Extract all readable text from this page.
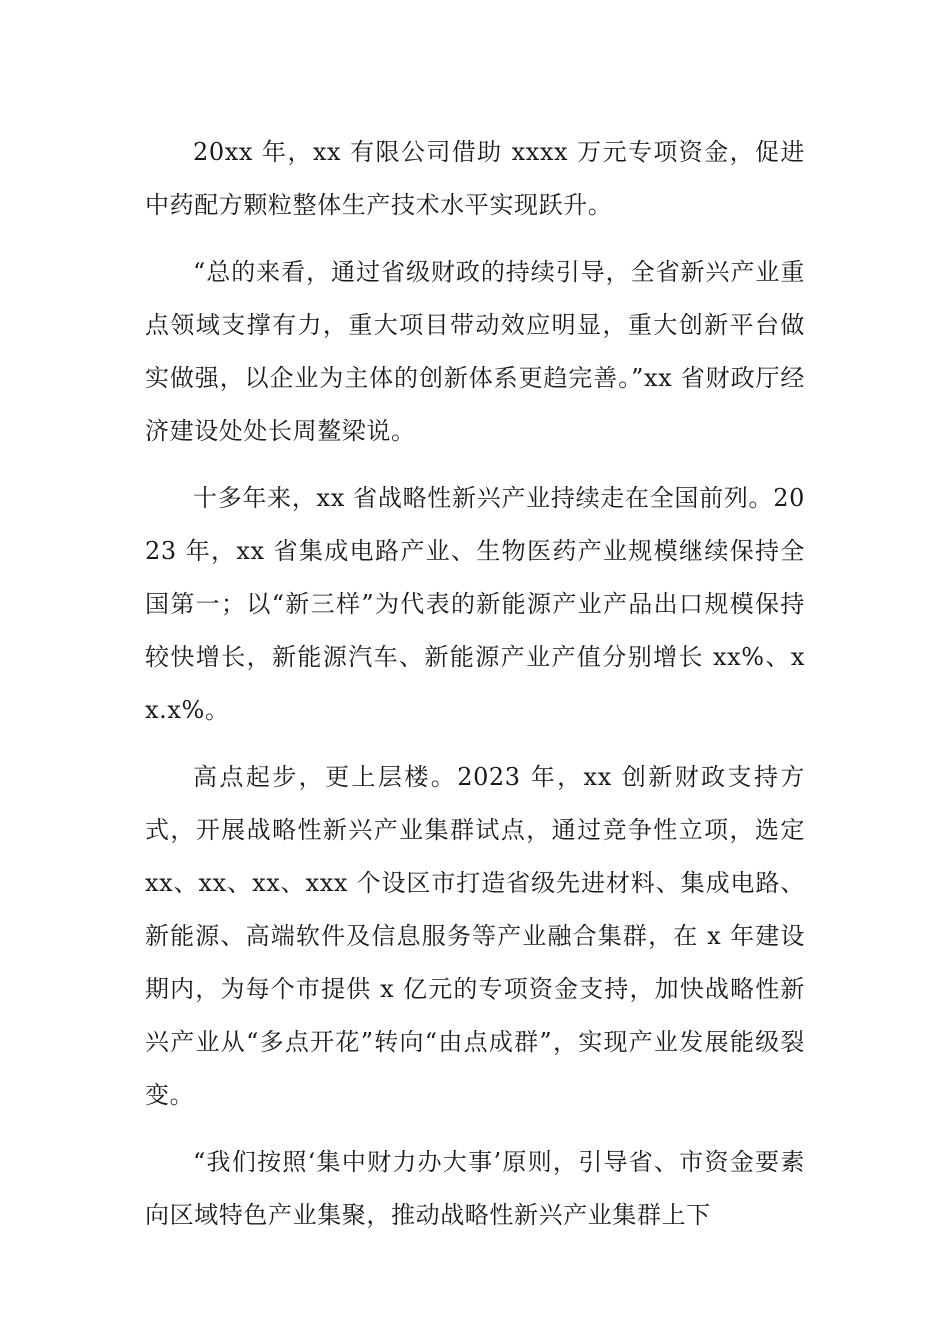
20xx 年，xx 有限公司借助 xxxx 万元专项资金，促进中药配方颗粒整体生产技术水平实现跃升。

“总的来看，通过省级财政的持续引导，全省新兴产业重点领域支撑有力，重大项目带动效应明显，重大创新平台做实做强，以企业为主体的创新体系更趋完善。”xx 省财政厅经济建设处处长周鳌梁说。

十多年来，xx 省战略性新兴产业持续走在全国前列。2023 年，xx 省集成电路产业、生物医药产业规模继续保持全国第一；以“新三样”为代表的新能源产业产品出口规模保持较快增长，新能源汽车、新能源产业产值分别增长 xx%、xx.x%。

高点起步，更上层楼。2023 年，xx 创新财政支持方式，开展战略性新兴产业集群试点，通过竞争性立项，选定 xx、xx、xx、xxx 个设区市打造省级先进材料、集成电路、新能源、高端软件及信息服务等产业融合集群，在 x 年建设期内，为每个市提供 x 亿元的专项资金支持，加快战略性新兴产业从“多点开花”转向“由点成群”，实现产业发展能级裂变。

“我们按照‘集中财力办大事’原则，引导省、市资金要素向区域特色产业集聚，推动战略性新兴产业集群上下
